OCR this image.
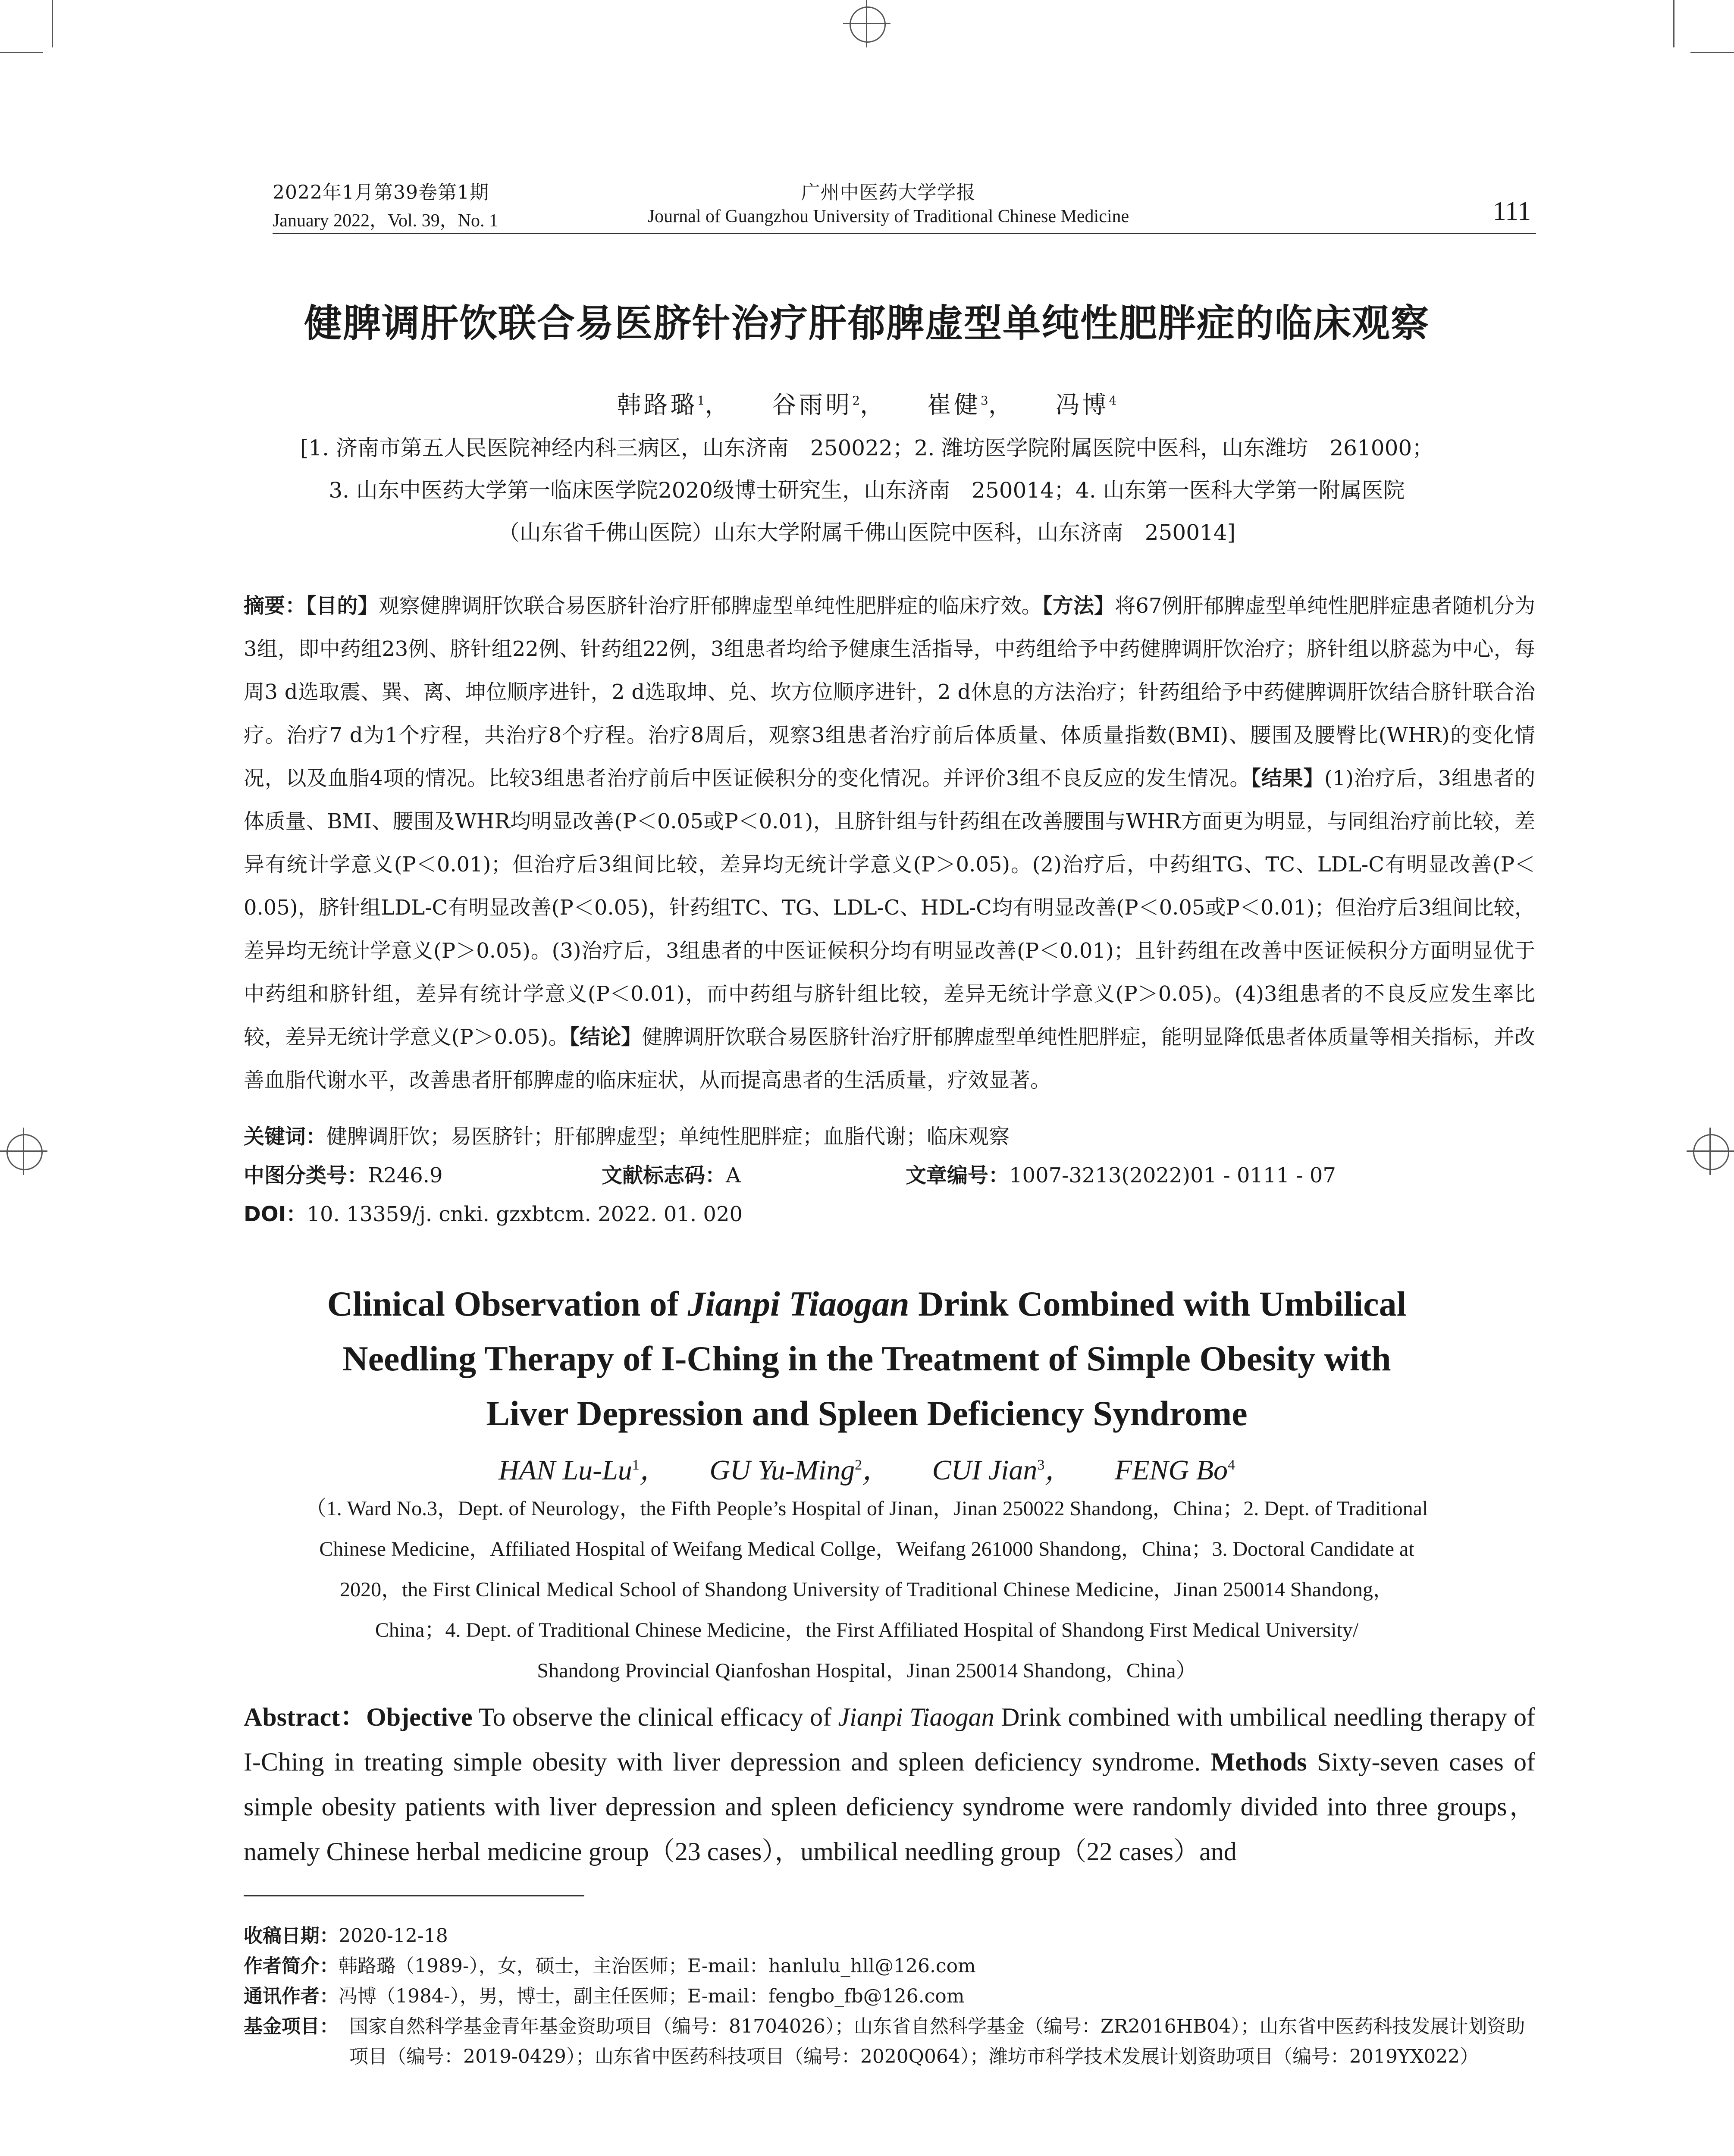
2022年1月第39卷第1期
January 2022，Vol. 39，No. 1
广州中医药大学学报
Journal of Guangzhou University of Traditional Chinese Medicine	111
健脾调肝饮联合易医脐针治疗肝郁脾虚型单纯性肥胖症的临床观察
韩路璐$^1$， 谷雨明$^2$， 崔健$^3$， 冯博$^4$
[1. 济南市第五人民医院神经内科三病区，山东济南　250022；2. 潍坊医学院附属医院中医科，山东潍坊　261000；
3. 山东中医药大学第一临床医学院2020级博士研究生，山东济南　250014；4. 山东第一医科大学第一附属医院
（山东省千佛山医院）山东大学附属千佛山医院中医科，山东济南　250014]
摘要：【目的】观察健脾调肝饮联合易医脐针治疗肝郁脾虚型单纯性肥胖症的临床疗效。【方法】将67例肝郁脾虚型单纯性肥胖症患者随机分为3组，即中药组23例、脐针组22例、针药组22例，3组患者均给予健康生活指导，中药组给予中药健脾调肝饮治疗；脐针组以脐蕊为中心，每周3 d选取震、巽、离、坤位顺序进针，2 d选取坤、兑、坎方位顺序进针，2 d休息的方法治疗；针药组给予中药健脾调肝饮结合脐针联合治疗。治疗7 d为1个疗程，共治疗8个疗程。治疗8周后，观察3组患者治疗前后体质量、体质量指数(BMI)、腰围及腰臀比(WHR)的变化情况，以及血脂4项的情况。比较3组患者治疗前后中医证候积分的变化情况。并评价3组不良反应的发生情况。【结果】(1)治疗后，3组患者的体质量、BMI、腰围及WHR均明显改善(P＜0.05或P＜0.01)，且脐针组与针药组在改善腰围与WHR方面更为明显，与同组治疗前比较，差异有统计学意义(P＜0.01)；但治疗后3组间比较，差异均无统计学意义(P＞0.05)。(2)治疗后，中药组TG、TC、LDL-C有明显改善(P＜0.05)，脐针组LDL-C有明显改善(P＜0.05)，针药组TC、TG、LDL-C、HDL-C均有明显改善(P＜0.05或P＜0.01)；但治疗后3组间比较，差异均无统计学意义(P＞0.05)。(3)治疗后，3组患者的中医证候积分均有明显改善(P＜0.01)；且针药组在改善中医证候积分方面明显优于中药组和脐针组，差异有统计学意义(P＜0.01)，而中药组与脐针组比较，差异无统计学意义(P＞0.05)。(4)3组患者的不良反应发生率比较，差异无统计学意义(P＞0.05)。【结论】健脾调肝饮联合易医脐针治疗肝郁脾虚型单纯性肥胖症，能明显降低患者体质量等相关指标，并改善血脂代谢水平，改善患者肝郁脾虚的临床症状，从而提高患者的生活质量，疗效显著。
关键词：健脾调肝饮；易医脐针；肝郁脾虚型；单纯性肥胖症；血脂代谢；临床观察
中图分类号：R246.9	文献标志码：A	文章编号：1007-3213(2022)01 - 0111 - 07
DOI：10. 13359/j. cnki. gzxbtcm. 2022. 01. 020
Clinical Observation of Jianpi Tiaogan Drink Combined with Umbilical
Needling Therapy of I-Ching in the Treatment of Simple Obesity with
Liver Depression and Spleen Deficiency Syndrome
HAN Lu-Lu$^1$， GU Yu-Ming$^2$， CUI Jian$^3$， FENG Bo$^4$
（1. Ward No.3，Dept. of Neurology，the Fifth People’s Hospital of Jinan，Jinan 250022 Shandong，China；2. Dept. of Traditional
Chinese Medicine，Affiliated Hospital of Weifang Medical Collge，Weifang 261000 Shandong，China；3. Doctoral Candidate at
2020，the First Clinical Medical School of Shandong University of Traditional Chinese Medicine，Jinan 250014 Shandong，
China；4. Dept. of Traditional Chinese Medicine，the First Affiliated Hospital of Shandong First Medical University/
Shandong Provincial Qianfoshan Hospital，Jinan 250014 Shandong，China）
Abstract：Objective To observe the clinical efficacy of Jianpi Tiaogan Drink combined with umbilical needling therapy of I-Ching in treating simple obesity with liver depression and spleen deficiency syndrome. Methods Sixty-seven cases of simple obesity patients with liver depression and spleen deficiency syndrome were randomly divided into three groups，namely Chinese herbal medicine group（23 cases），umbilical needling group（22 cases）and
收稿日期：2020-12-18
作者简介：韩路璐（1989-），女，硕士，主治医师；E-mail：hanlulu_hll@126.com
通讯作者：冯博（1984-），男，博士，副主任医师；E-mail：fengbo_fb@126.com
基金项目： 国家自然科学基金青年基金资助项目（编号：81704026）；山东省自然科学基金（编号：ZR2016HB04）；山东省中医药科技发展计划资助项目（编号：2019-0429）；山东省中医药科技项目（编号：2020Q064）；潍坊市科学技术发展计划资助项目（编号：2019YX022）
